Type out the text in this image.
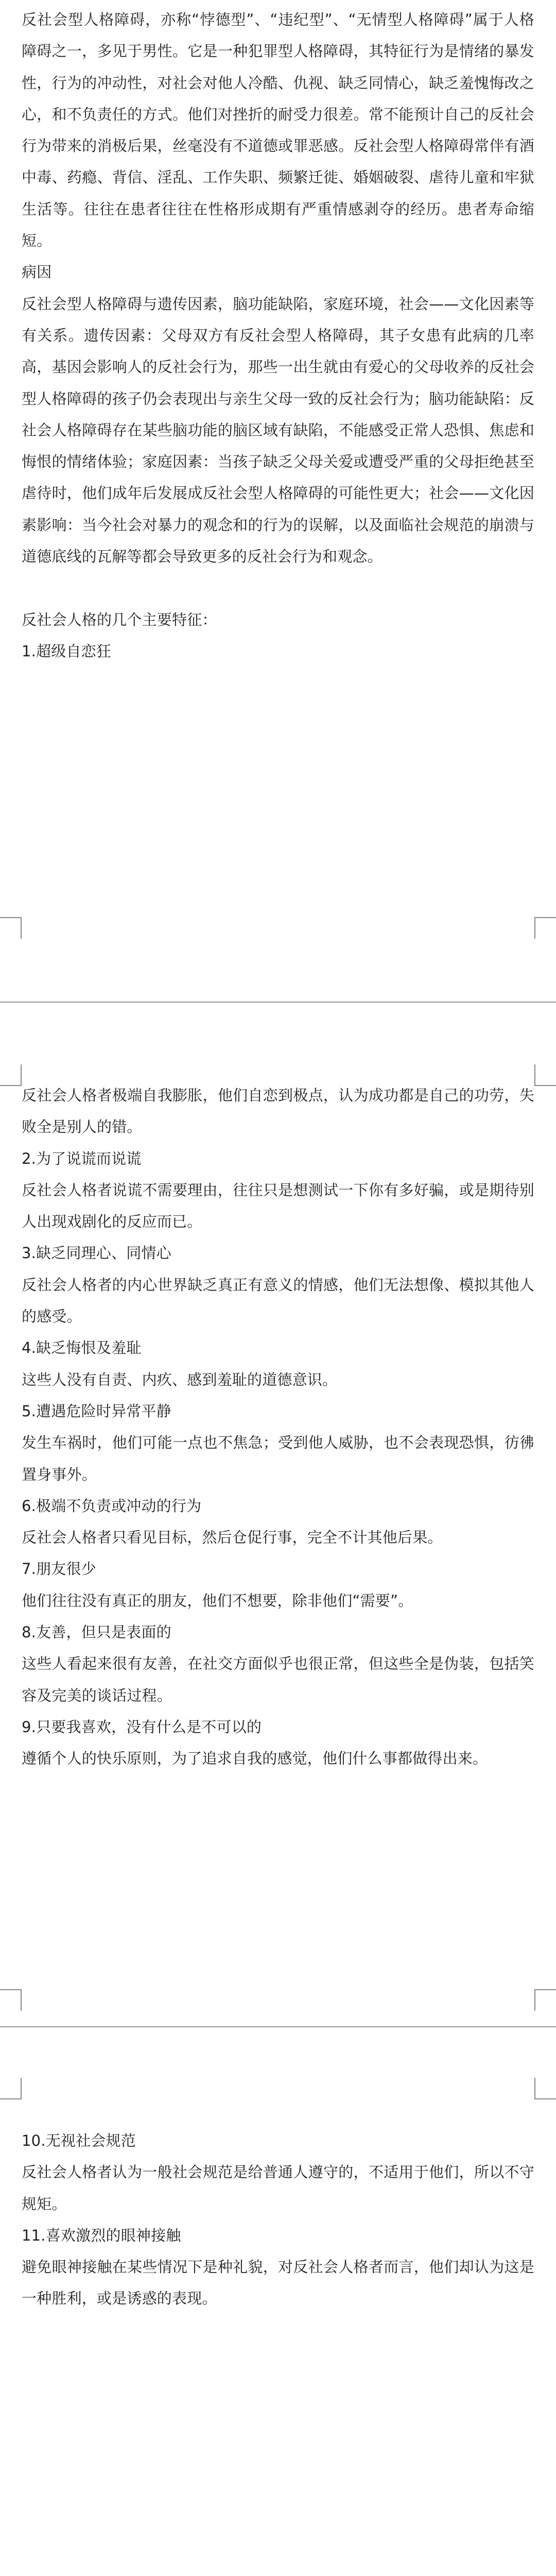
反社会型人格障碍，亦称“悖德型”、“违纪型”、“无情型人格障碍”属于人格障碍之一，多见于男性。它是一种犯罪型人格障碍，其特征行为是情绪的暴发性，行为的冲动性，对社会对他人冷酷、仇视、缺乏同情心，缺乏羞愧悔改之心，和不负责任的方式。他们对挫折的耐受力很差。常不能预计自己的反社会行为带来的消极后果，丝毫没有不道德或罪恶感。反社会型人格障碍常伴有酒中毒、药瘾、背信、淫乱、工作失职、频繁迁徙、婚姻破裂、虐待儿童和牢狱生活等。往往在患者往往在性格形成期有严重情感剥夺的经历。患者寿命缩短。

病因

反社会型人格障碍与遗传因素，脑功能缺陷，家庭环境，社会——文化因素等有关系。遗传因素：父母双方有反社会型人格障碍，其子女患有此病的几率高，基因会影响人的反社会行为，那些一出生就由有爱心的父母收养的反社会型人格障碍的孩子仍会表现出与亲生父母一致的反社会行为；脑功能缺陷：反社会人格障碍存在某些脑功能的脑区域有缺陷，不能感受正常人恐惧、焦虑和悔恨的情绪体验；家庭因素：当孩子缺乏父母关爱或遭受严重的父母拒绝甚至虐待时，他们成年后发展成反社会型人格障碍的可能性更大；社会——文化因素影响：当今社会对暴力的观念和的行为的误解，以及面临社会规范的崩溃与道德底线的瓦解等都会导致更多的反社会行为和观念。

反社会人格的几个主要特征：

1.超级自恋狂

反社会人格者极端自我膨胀，他们自恋到极点，认为成功都是自己的功劳，失败全是别人的错。

2.为了说谎而说谎

反社会人格者说谎不需要理由，往往只是想测试一下你有多好骗，或是期待别人出现戏剧化的反应而已。

3.缺乏同理心、同情心

反社会人格者的内心世界缺乏真正有意义的情感，他们无法想像、模拟其他人的感受。

4.缺乏悔恨及羞耻

这些人没有自责、内疚、感到羞耻的道德意识。

5.遭遇危险时异常平静

发生车祸时，他们可能一点也不焦急；受到他人威胁，也不会表现恐惧，彷彿置身事外。

6.极端不负责或冲动的行为

反社会人格者只看见目标，然后仓促行事，完全不计其他后果。

7.朋友很少

他们往往没有真正的朋友，他们不想要，除非他们“需要”。

8.友善，但只是表面的

这些人看起来很有友善，在社交方面似乎也很正常，但这些全是伪装，包括笑容及完美的谈话过程。

9.只要我喜欢，没有什么是不可以的

遵循个人的快乐原则，为了追求自我的感觉，他们什么事都做得出来。

10.无视社会规范

反社会人格者认为一般社会规范是给普通人遵守的，不适用于他们，所以不守规矩。

11.喜欢激烈的眼神接触

避免眼神接触在某些情况下是种礼貌，对反社会人格者而言，他们却认为这是一种胜利，或是诱惑的表现。
